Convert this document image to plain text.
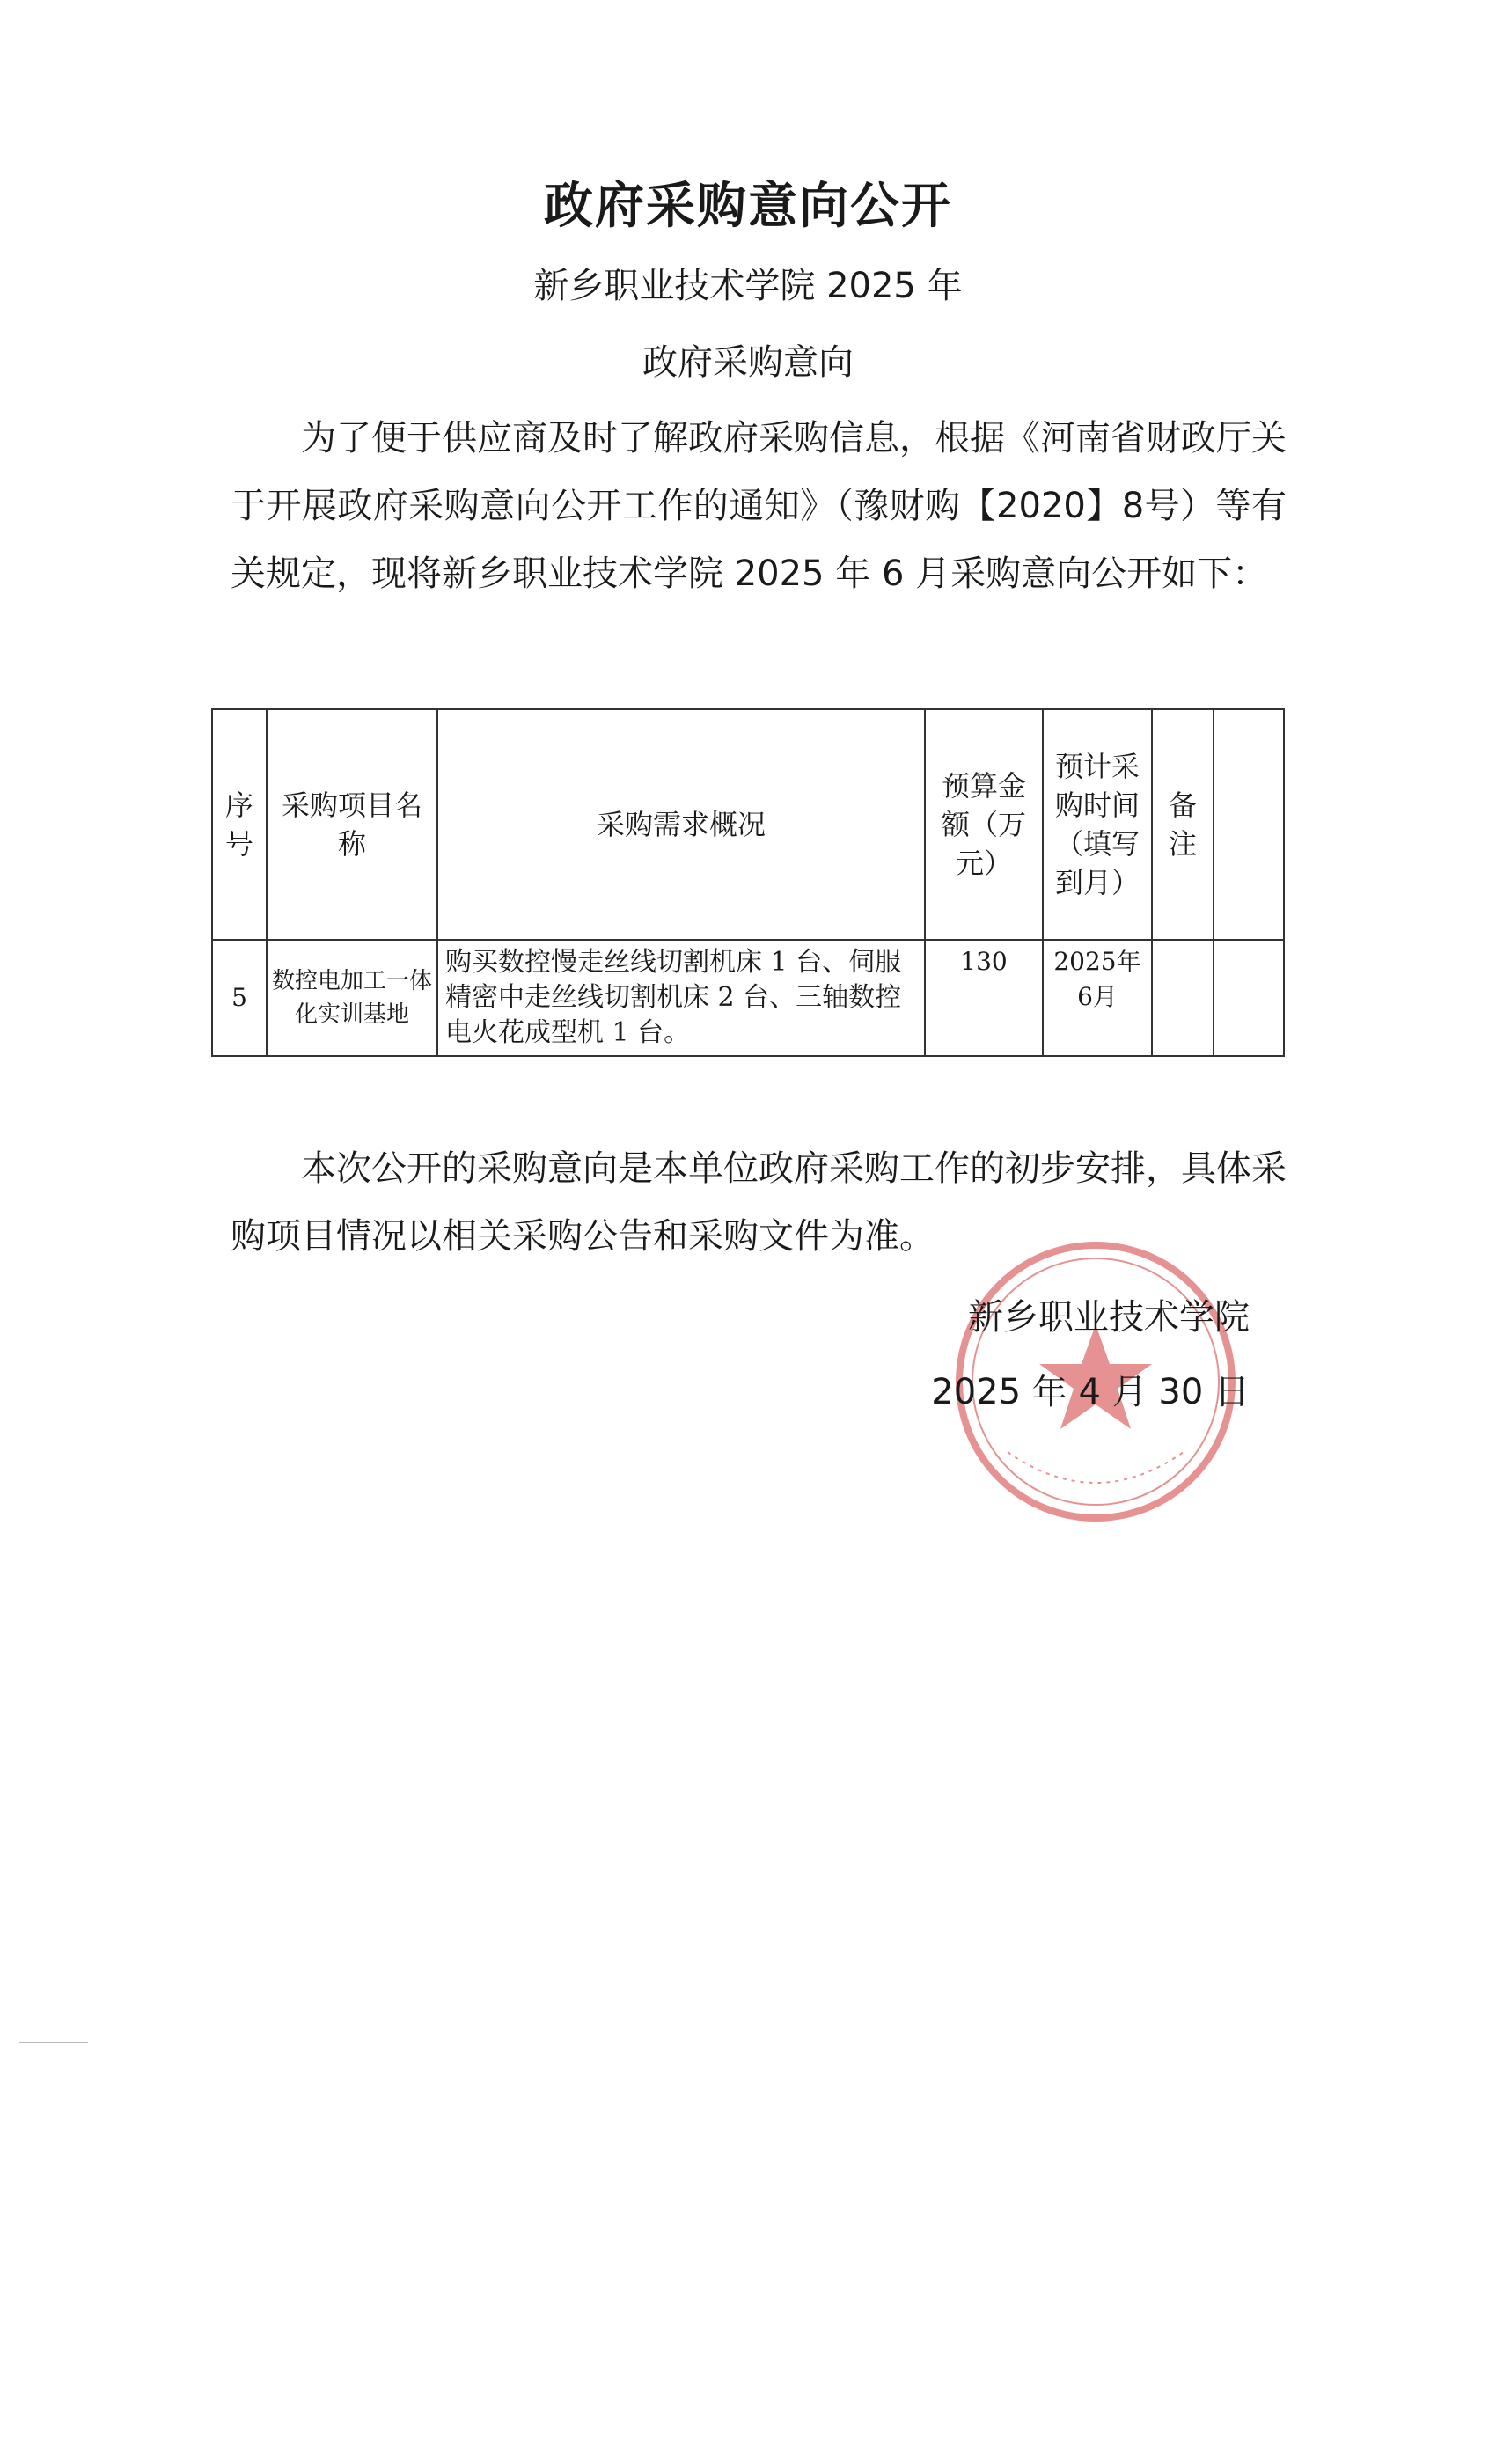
政府采购意向公开
新乡职业技术学院 2025 年
政府采购意向

为了便于供应商及时了解政府采购信息，根据《河南省财政厅关于开展政府采购意向公开工作的通知》（豫财购【2020】8号）等有关规定，现将新乡职业技术学院 2025 年 6 月采购意向公开如下：

序号	采购项目名称	采购需求概况	预算金额（万元）	预计采购时间（填写到月）	备注	
5	数控电加工一体化实训基地	购买数控慢走丝线切割机床 1 台、伺服精密中走丝线切割机床 2 台、三轴数控电火花成型机 1 台。	130	2025年6月		

本次公开的采购意向是本单位政府采购工作的初步安排，具体采购项目情况以相关采购公告和采购文件为准。

新乡职业技术学院
2025 年 4 月 30 日
